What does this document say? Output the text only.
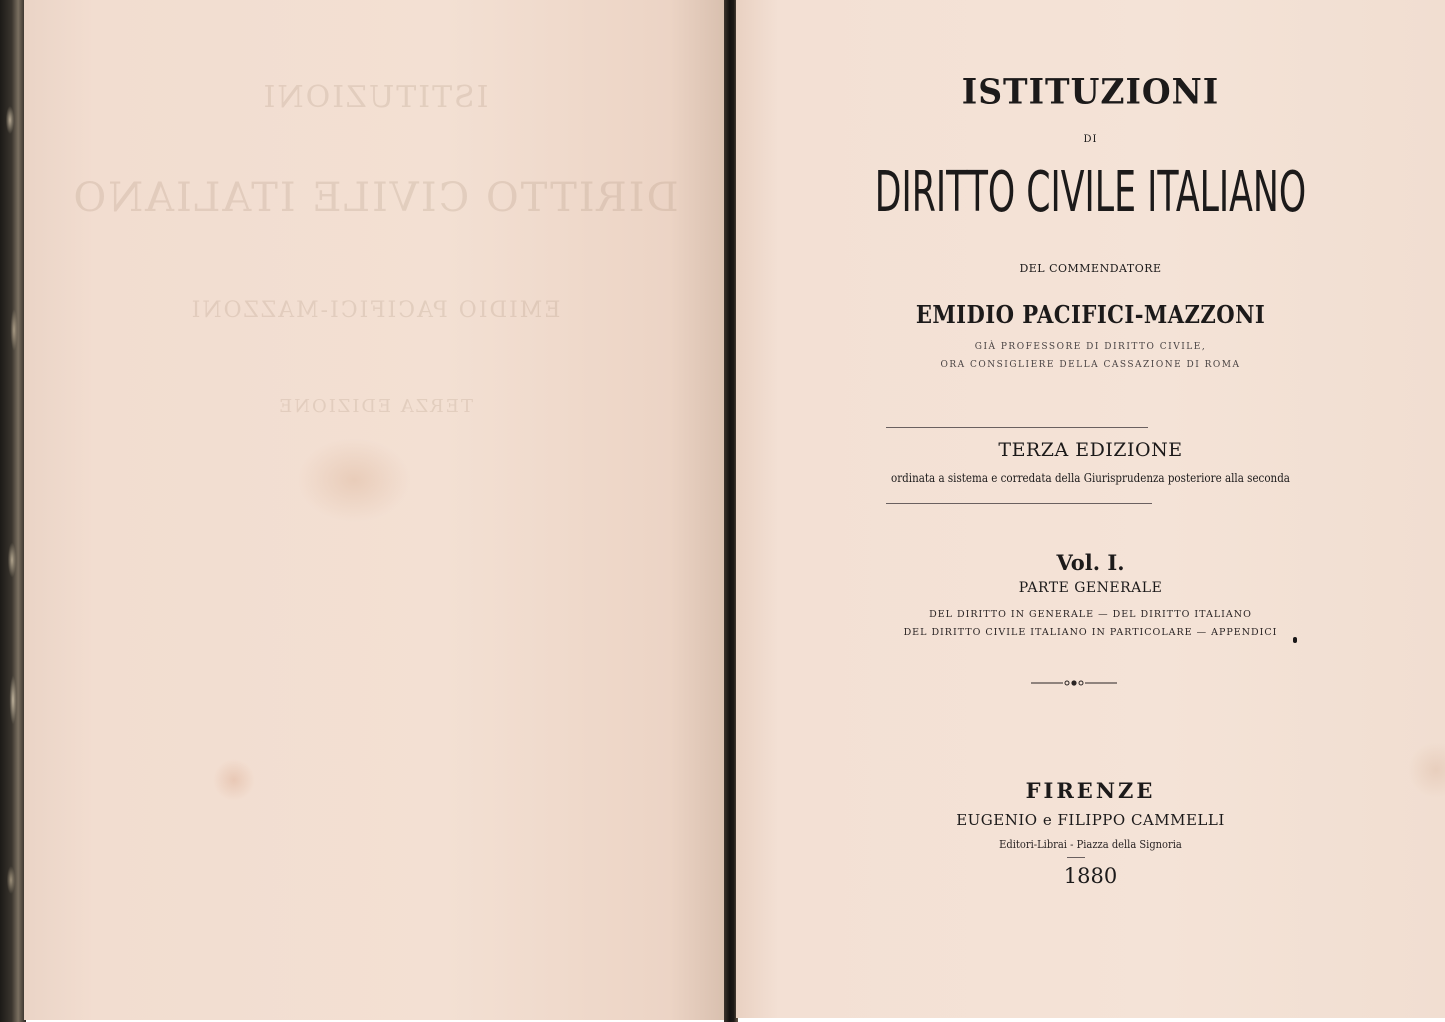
ISTITUZIONI
DIRITTO CIVILE ITALIANO
EMIDIO PACIFICI-MAZZONI
TERZA EDIZIONE
ISTITUZIONI
DI
DIRITTO CIVILE ITALIANO
DEL COMMENDATORE
EMIDIO PACIFICI-MAZZONI
GIÀ PROFESSORE DI DIRITTO CIVILE,
ORA CONSIGLIERE DELLA CASSAZIONE DI ROMA
TERZA EDIZIONE
ordinata a sistema e corredata della Giurisprudenza posteriore alla seconda
Vol. I.
PARTE GENERALE
DEL DIRITTO IN GENERALE — DEL DIRITTO ITALIANO
DEL DIRITTO CIVILE ITALIANO IN PARTICOLARE — APPENDICI
FIRENZE
EUGENIO e FILIPPO CAMMELLI
Editori-Librai - Piazza della Signoria
1880
